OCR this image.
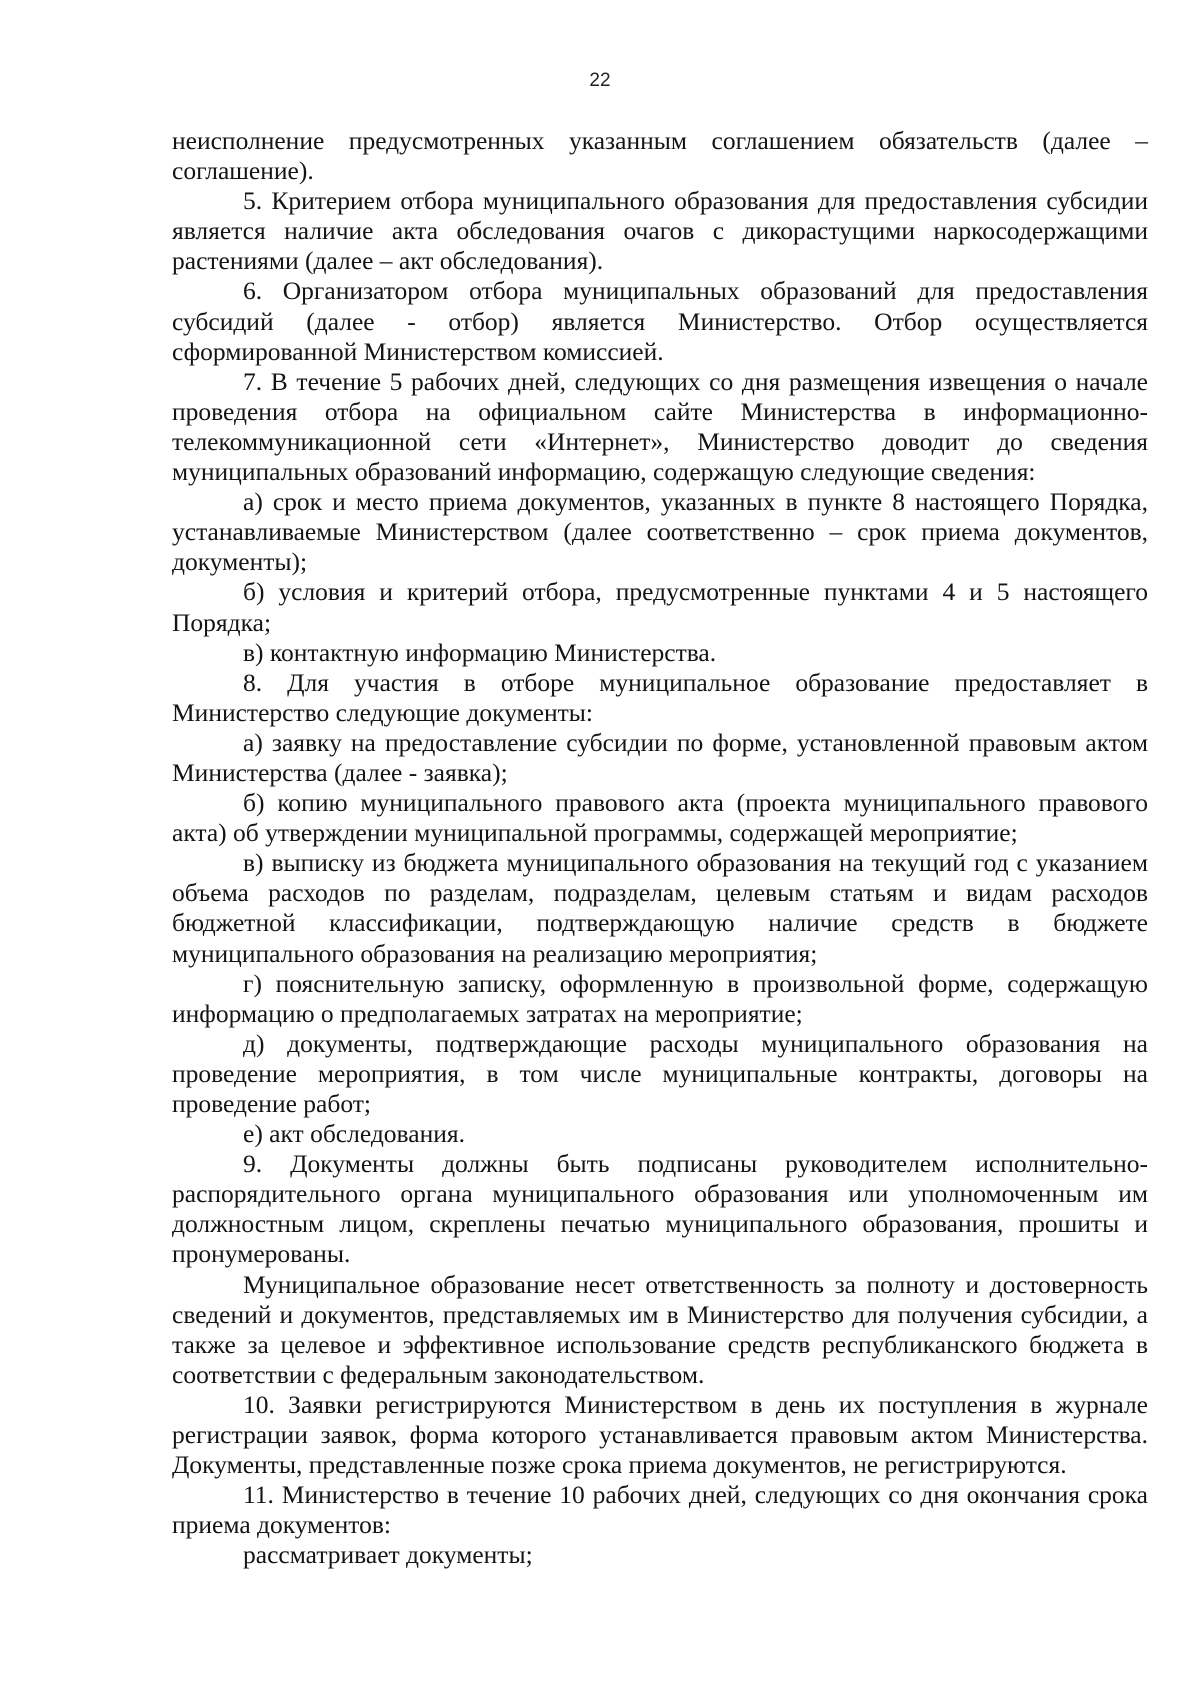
22

неисполнение предусмотренных указанным соглашением обязательств (далее – соглашение).

5. Критерием отбора муниципального образования для предоставления субсидии является наличие акта обследования очагов с дикорастущими наркосодержащими растениями (далее – акт обследования).

6. Организатором отбора муниципальных образований для предоставления субсидий (далее - отбор) является Министерство. Отбор осуществляется сформированной Министерством комиссией.

7. В течение 5 рабочих дней, следующих со дня размещения извещения о начале проведения отбора на официальном сайте Министерства в информационно-телекоммуникационной сети «Интернет», Министерство доводит до сведения муниципальных образований информацию, содержащую следующие сведения:

а) срок и место приема документов, указанных в пункте 8 настоящего Порядка, устанавливаемые Министерством (далее соответственно – срок приема документов, документы);

б) условия и критерий отбора, предусмотренные пунктами 4 и 5 настоящего Порядка;

в) контактную информацию Министерства.

8. Для участия в отборе муниципальное образование предоставляет в Министерство следующие документы:

а) заявку на предоставление субсидии по форме, установленной правовым актом Министерства (далее - заявка);

б) копию муниципального правового акта (проекта муниципального правового акта) об утверждении муниципальной программы, содержащей мероприятие;

в) выписку из бюджета муниципального образования на текущий год с указанием объема расходов по разделам, подразделам, целевым статьям и видам расходов бюджетной классификации, подтверждающую наличие средств в бюджете муниципального образования на реализацию мероприятия;

г) пояснительную записку, оформленную в произвольной форме, содержащую информацию о предполагаемых затратах на мероприятие;

д) документы, подтверждающие расходы муниципального образования на проведение мероприятия, в том числе муниципальные контракты, договоры на проведение работ;

е) акт обследования.

9. Документы должны быть подписаны руководителем исполнительно-распорядительного органа муниципального образования или уполномоченным им должностным лицом, скреплены печатью муниципального образования, прошиты и пронумерованы.

Муниципальное образование несет ответственность за полноту и достоверность сведений и документов, представляемых им в Министерство для получения субсидии, а также за целевое и эффективное использование средств республиканского бюджета в соответствии с федеральным законодательством.

10. Заявки регистрируются Министерством в день их поступления в журнале регистрации заявок, форма которого устанавливается правовым актом Министерства. Документы, представленные позже срока приема документов, не регистрируются.

11. Министерство в течение 10 рабочих дней, следующих со дня окончания срока приема документов:

рассматривает документы;
